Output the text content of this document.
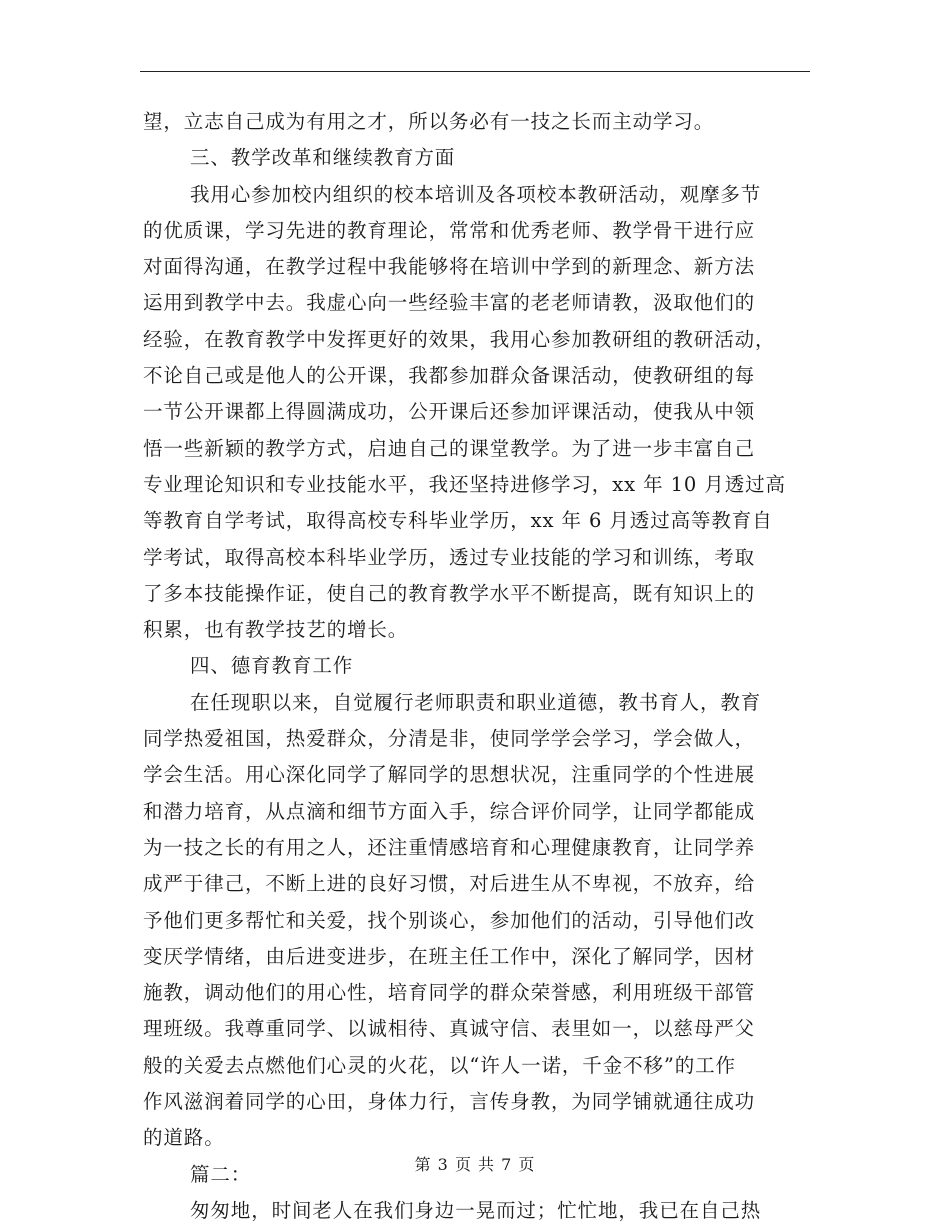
望，立志自己成为有用之才，所以务必有一技之长而主动学习。
三、教学改革和继续教育方面
我用心参加校内组织的校本培训及各项校本教研活动，观摩多节
的优质课，学习先进的教育理论，常常和优秀老师、教学骨干进行应
对面得沟通，在教学过程中我能够将在培训中学到的新理念、新方法
运用到教学中去。我虚心向一些经验丰富的老老师请教，汲取他们的
经验，在教育教学中发挥更好的效果，我用心参加教研组的教研活动，
不论自己或是他人的公开课，我都参加群众备课活动，使教研组的每
一节公开课都上得圆满成功，公开课后还参加评课活动，使我从中领
悟一些新颖的教学方式，启迪自己的课堂教学。为了进一步丰富自己
专业理论知识和专业技能水平，我还坚持进修学习，xx 年 10 月透过高
等教育自学考试，取得高校专科毕业学历，xx 年 6 月透过高等教育自
学考试，取得高校本科毕业学历，透过专业技能的学习和训练，考取
了多本技能操作证，使自己的教育教学水平不断提高，既有知识上的
积累，也有教学技艺的增长。
四、德育教育工作
在任现职以来，自觉履行老师职责和职业道德，教书育人，教育
同学热爱祖国，热爱群众，分清是非，使同学学会学习，学会做人，
学会生活。用心深化同学了解同学的思想状况，注重同学的个性进展
和潜力培育，从点滴和细节方面入手，综合评价同学，让同学都能成
为一技之长的有用之人，还注重情感培育和心理健康教育，让同学养
成严于律己，不断上进的良好习惯，对后进生从不卑视，不放弃，给
予他们更多帮忙和关爱，找个别谈心，参加他们的活动，引导他们改
变厌学情绪，由后进变进步，在班主任工作中，深化了解同学，因材
施教，调动他们的用心性，培育同学的群众荣誉感，利用班级干部管
理班级。我尊重同学、以诚相待、真诚守信、表里如一，以慈母严父
般的关爱去点燃他们心灵的火花，以“许人一诺，千金不移”的工作
作风滋润着同学的心田，身体力行，言传身教，为同学铺就通往成功
的道路。
篇二：
匆匆地，时间老人在我们身边一晃而过；忙忙地，我已在自己热
第 3 页 共 7 页
